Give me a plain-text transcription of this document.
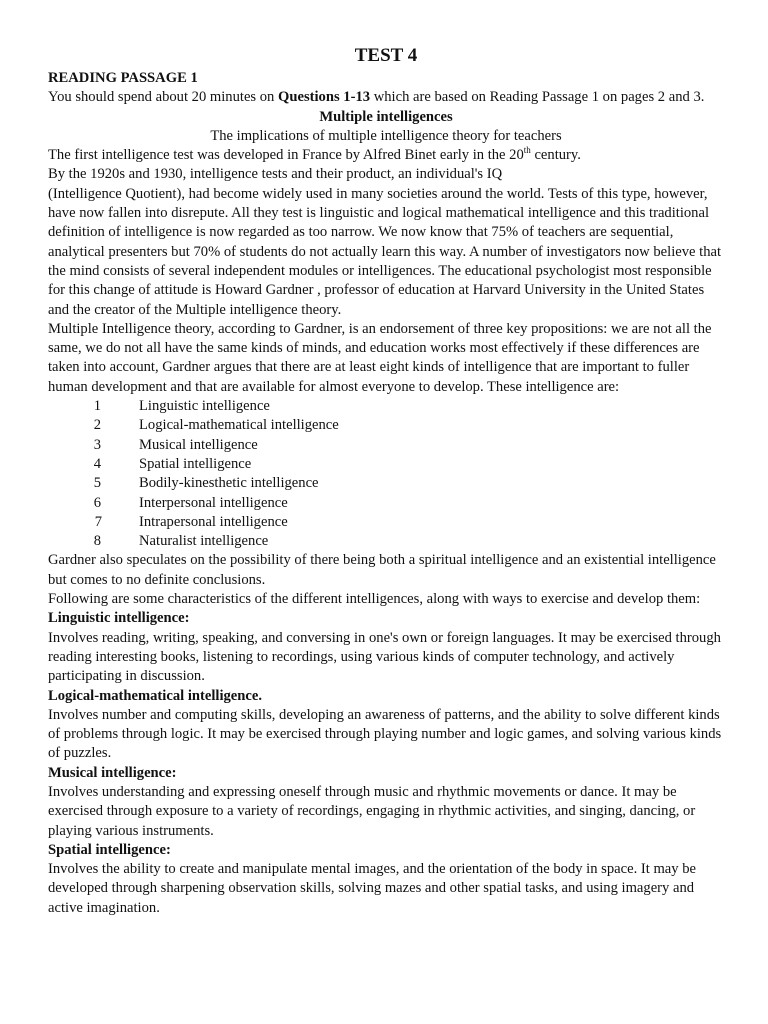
TEST 4

READING PASSAGE 1

You should spend about 20 minutes on Questions 1-13 which are based on Reading Passage 1 on pages 2 and 3.

Multiple intelligences

The implications of multiple intelligence theory for teachers

The first intelligence test was developed in France by Alfred Binet early in the 20th century.

By the 1920s and 1930, intelligence tests and their product, an individual's IQ

(Intelligence Quotient), had become widely used in many societies around the world. Tests of this type, however, have now fallen into disrepute. All they test is linguistic and logical mathematical intelligence and this traditional definition of intelligence is now regarded as too narrow. We now know that 75% of teachers are sequential, analytical presenters but 70% of students do not actually learn this way. A number of investigators now believe that the mind consists of several independent modules or intelligences. The educational psychologist most responsible for this change of attitude is Howard Gardner , professor of education at Harvard University in the United States and the creator of the Multiple intelligence theory.

Multiple Intelligence theory, according to Gardner, is an endorsement of three key propositions: we are not all the same, we do not all have the same kinds of minds, and education works most effectively if these differences are taken into account, Gardner argues that there are at least eight kinds of intelligence that are important to fuller human development and that are available for almost everyone to develop. These intelligence are:

1	Linguistic intelligence
2	Logical-mathematical intelligence
3	Musical intelligence
4	Spatial intelligence
5	Bodily-kinesthetic intelligence
6	Interpersonal intelligence
7	Intrapersonal intelligence
8	Naturalist intelligence

Gardner also speculates on the possibility of there being both a spiritual intelligence and an existential intelligence but comes to no definite conclusions.

Following are some characteristics of the different intelligences, along with ways to exercise and develop them:

Linguistic intelligence:

Involves reading, writing, speaking, and conversing in one's own or foreign languages. It may be exercised through reading interesting books, listening to recordings, using various kinds of computer technology, and actively participating in discussion.

Logical-mathematical intelligence.

Involves number and computing skills, developing an awareness of patterns, and the ability to solve different kinds of problems through logic. It may be exercised through playing number and logic games, and solving various kinds of puzzles.

Musical intelligence:

Involves understanding and expressing oneself through music and rhythmic movements or dance. It may be exercised through exposure to a variety of recordings, engaging in rhythmic activities, and singing, dancing, or playing various instruments.

Spatial intelligence:

Involves the ability to create and manipulate mental images, and the orientation of the body in space. It may be developed through sharpening observation skills, solving mazes and other spatial tasks, and using imagery and active imagination.
